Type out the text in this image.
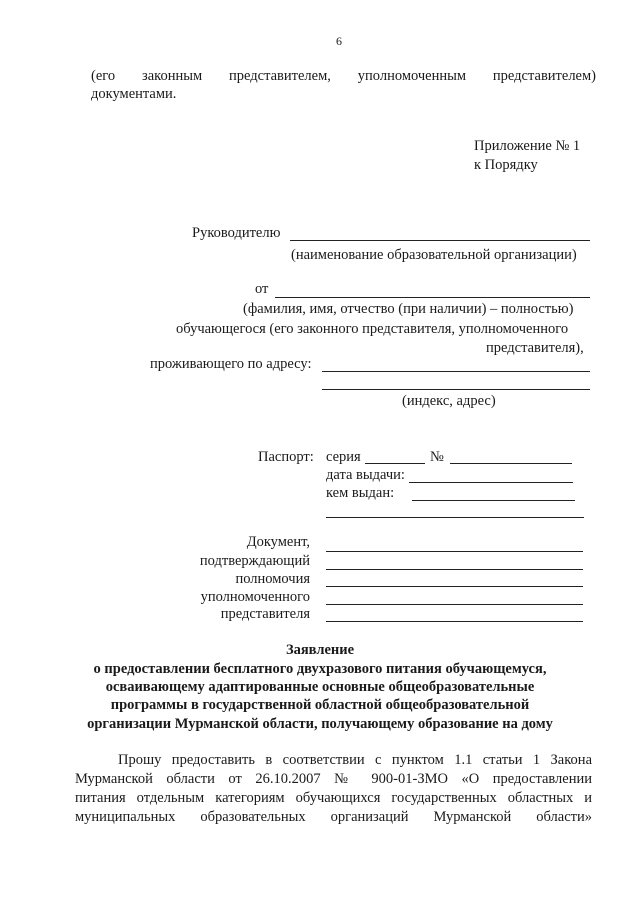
6
(его законным представителем, уполномоченным представителем)
документами.
Приложение № 1
к Порядку
Руководителю
(наименование образовательной организации)
от
(фамилия, имя, отчество (при наличии) – полностью)
обучающегося (его законного представителя, уполномоченного
представителя),
проживающего по адресу:
(индекс, адрес)
Паспорт: серия	№
дата выдачи:
кем выдан:
Документ,
подтверждающий
полномочия
уполномоченного
представителя
Заявление
о предоставлении бесплатного двухразового питания обучающемуся,
осваивающему адаптированные основные общеобразовательные
программы в государственной областной общеобразовательной
организации Мурманской области, получающему образование на дому
Прошу предоставить в соответствии с пунктом 1.1 статьи 1 Закона
Мурманской области от 26.10.2007 № 900-01-ЗМО «О предоставлении
питания отдельным категориям обучающихся государственных областных и
муниципальных образовательных организаций Мурманской области»
